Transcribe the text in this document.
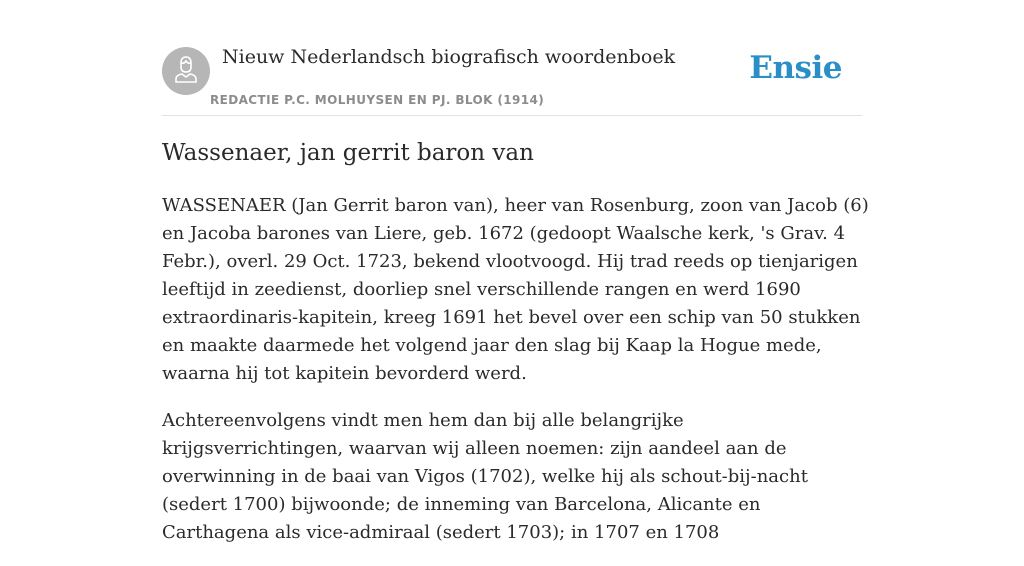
Nieuw Nederlandsch biografisch woordenboek
REDACTIE P.C. MOLHUYSEN EN PJ. BLOK (1914)
Ensie
Wassenaer, jan gerrit baron van

WASSENAER (Jan Gerrit baron van), heer van Rosenburg, zoon van Jacob (6) en Jacoba barones van Liere, geb. 1672 (gedoopt Waalsche kerk, 's Grav. 4 Febr.), overl. 29 Oct. 1723, bekend vlootvoogd. Hij trad reeds op tienjarigen leeftijd in zeedienst, doorliep snel verschillende rangen en werd 1690 extraordinaris-kapitein, kreeg 1691 het bevel over een schip van 50 stukken en maakte daarmede het volgend jaar den slag bij Kaap la Hogue mede, waarna hij tot kapitein bevorderd werd.

Achtereenvolgens vindt men hem dan bij alle belangrijke krijgsverrichtingen, waarvan wij alleen noemen: zijn aandeel aan de overwinning in de baai van Vigos (1702), welke hij als schout-bij-nacht (sedert 1700) bijwoonde; de inneming van Barcelona, Alicante en Carthagena als vice-admiraal (sedert 1703); in 1707 en 1708
